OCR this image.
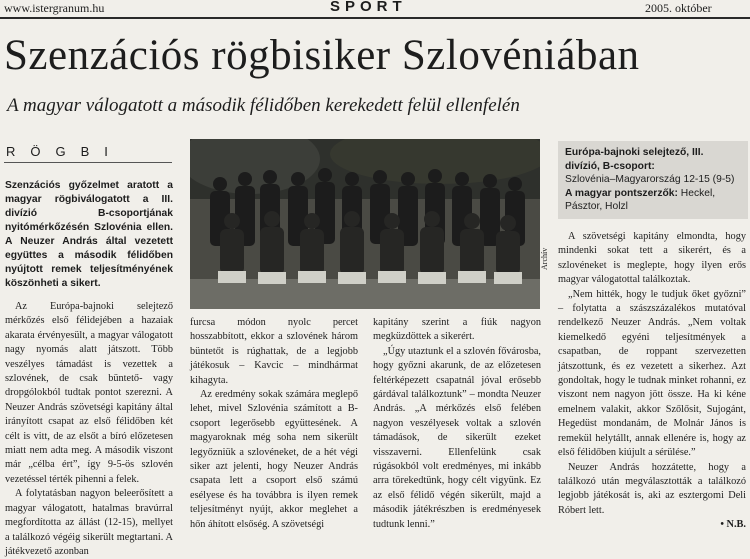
www.istergranum.hu	SPORT	2005. október
Szenzációs rögbisiker Szlovéniában
A magyar válogatott a második félidőben kerekedett felül ellenfelén
RÖGBI
Szenzációs győzelmet aratott a magyar rögbiválogatott a III. divízió B-csoportjának nyitómérkőzésén Szlovénia ellen. A Neuzer András által vezetett együttes a második félidőben nyújtott remek teljesítményének köszönheti a sikert.

Az Európa-bajnoki selejtező mérkőzés első félidejében a hazaiak akarata érvényesült, a magyar válogatott nagy nyomás alatt játszott. Több veszélyes támadást is vezettek a szlovének, de csak büntető- vagy dropgólokból tudtak pontot szerezni. A Neuzer András szövetségi kapitány által irányított csapat az első félidőben két célt is vitt, de az elsőt a bíró előzetesen miatt nem adta meg. A második viszont már „célba ért”, így 9-5-ös szlovén vezetéssel térték pihenni a felek.

A folytatásban nagyon beleerősített a magyar válogatott, hatalmas bravúrral megfordította az állást (12-15), mellyet a találkozó végéig sikerült megtartani. A játékvezető azonban

Archív
Európa-bajnoki selejtező, III. divízió, B-csoport:
Szlovénia–Magyarország 12-15 (9-5)
A magyar pontszerzők: Heckel, Pásztor, Holzl

furcsa módon nyolc percet hosszabbított, ekkor a szlovének három büntetőt is rúghattak, de a legjobb játékosuk – Kavcic – mindhármat kihagyta.

Az eredmény sokak számára meglepő lehet, mivel Szlovénia számított a B-csoport legerősebb együttesének. A magyaroknak még soha nem sikerült legyőzniük a szlovéneket, de a hét végi siker azt jelenti, hogy Neuzer András csapata lett a csoport első számú esélyese és ha továbbra is ilyen remek teljesítményt nyújt, akkor meglehet a hőn áhított elsőség. A szövetségi

kapitány szerint a fiúk nagyon megküzdöttek a sikerért.

„Úgy utaztunk el a szlovén fővárosba, hogy győzni akarunk, de az előzetesen feltérképezett csapatnál jóval erősebb gárdával találkoztunk” – mondta Neuzer András. „A mérkőzés első felében nagyon veszélyesek voltak a szlovén támadások, de sikerült ezeket visszaverni. Ellenfelünk csak rúgásokból volt eredményes, mi inkább arra törekedtünk, hogy célt vigyünk. Ez az első félidő végén sikerült, majd a második játékrészben is eredményesek tudtunk lenni.”

A szövetségi kapitány elmondta, hogy mindenki sokat tett a sikerért, és a szlovéneket is meglepte, hogy ilyen erős magyar válogatottal találkoztak.

„Nem hitték, hogy le tudjuk őket győzni” – folytatta a szászszázalékos mutatóval rendelkező Neuzer András. „Nem voltak kiemelkedő egyéni teljesítmények a csapatban, de roppant szervezetten játszottunk, és ez vezetett a sikerhez. Azt gondoltak, hogy le tudnak minket rohanni, ez viszont nem nagyon jött össze. Ha ki kéne emelnem valakit, akkor Szőlősit, Sujogánt, Hegedüst mondanám, de Molnár János is remekül helytállt, annak ellenére is, hogy az első félidőben kiújult a sérülése.”

Neuzer András hozzátette, hogy a találkozó után megválasztották a találkozó legjobb játékosát is, aki az esztergomi Deli Róbert lett.

• N.B.
